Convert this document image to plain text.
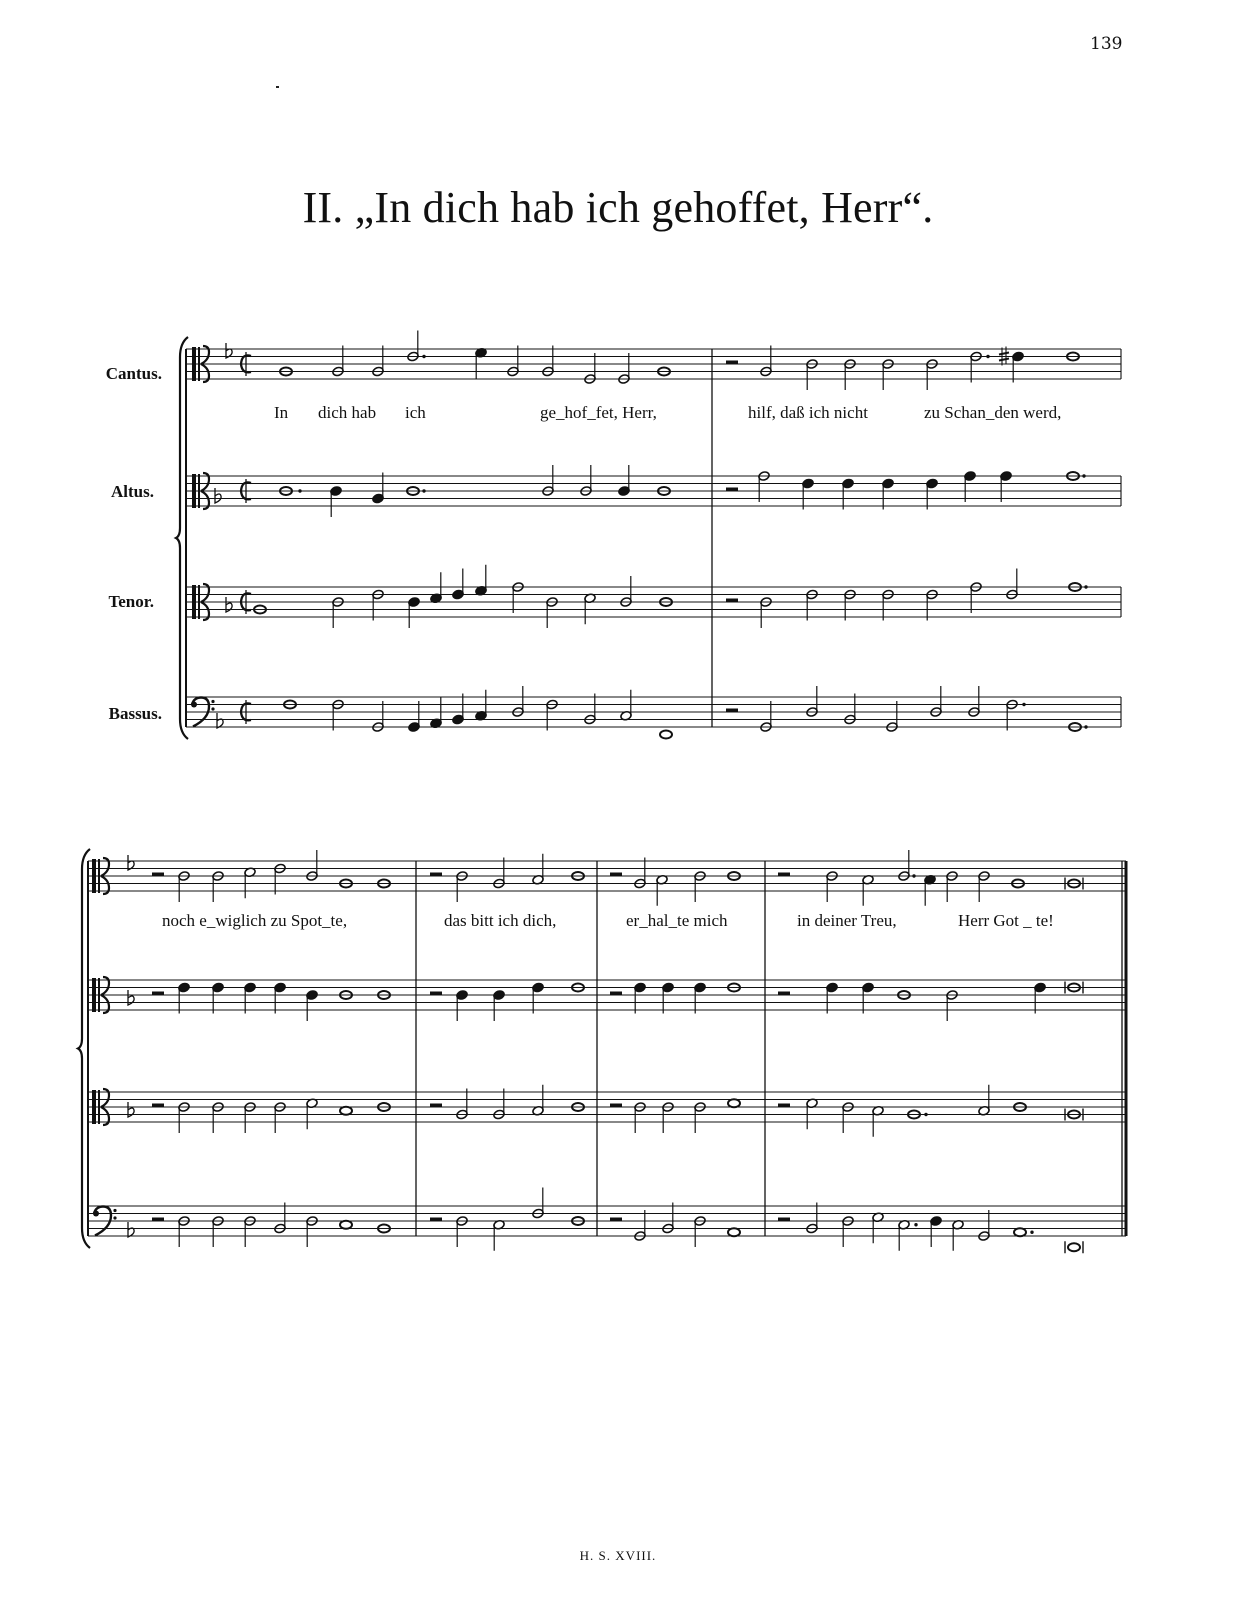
139
II. „In dich hab ich gehoffet, Herr“.
Cantus.
Altus.
Tenor.
Bassus.
In dich hab ich	ge_hof_fet, Herr,	hilf, daß ich nicht	zu Schan_den werd,
noch e_wiglich zu Spot_te,	das bitt ich dich,	er_hal_te mich	in deiner Treu,	Herr Got _ te!
H. S. XVIII.
